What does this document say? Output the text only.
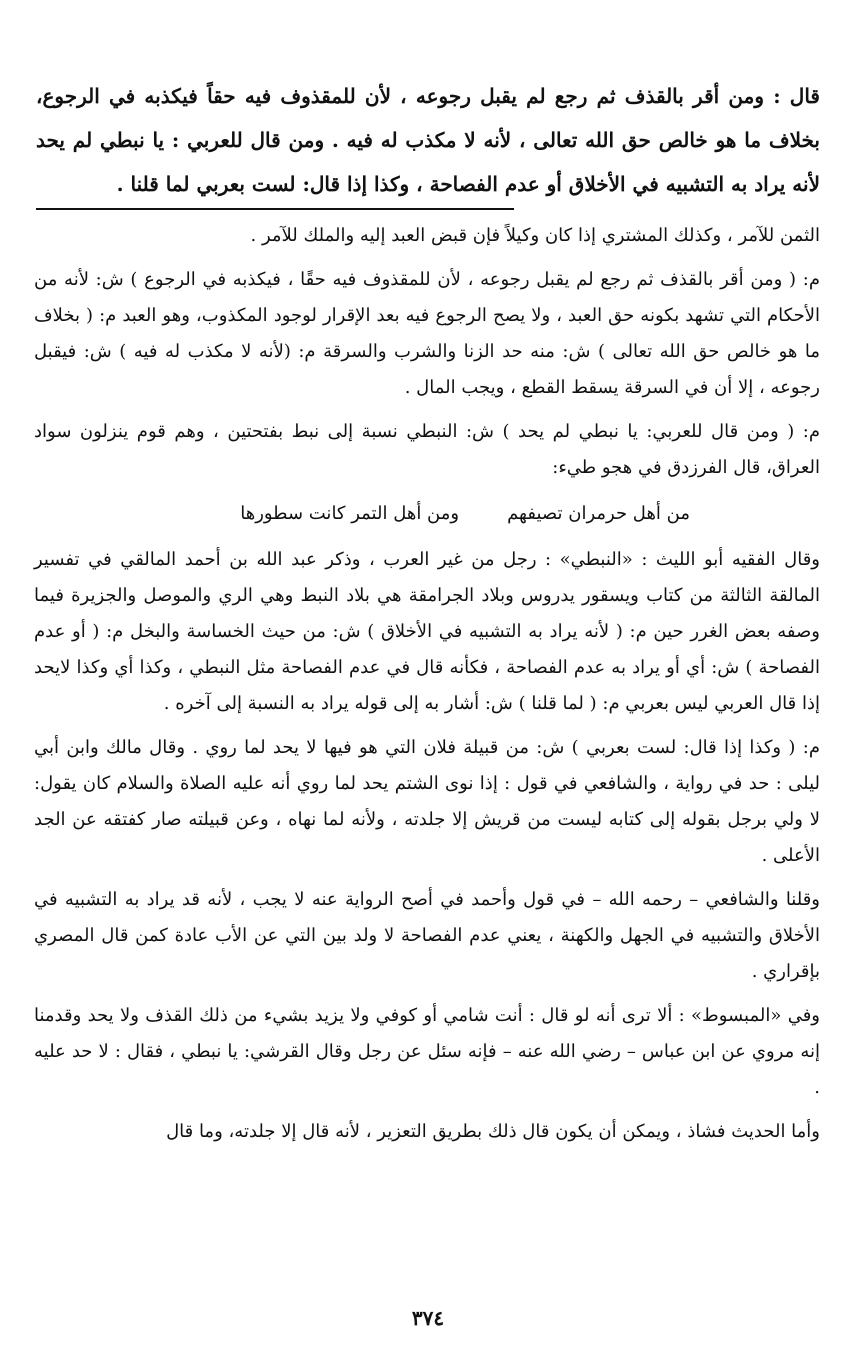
قال : ومن أقر بالقذف ثم رجع لم يقبل رجوعه ، لأن للمقذوف فيه حقاً فيكذبه في الرجوع، بخلاف ما هو خالص حق الله تعالى ، لأنه لا مكذب له فيه . ومن قال للعربي : يا نبطي لم يحد لأنه يراد به التشبيه في الأخلاق أو عدم الفصاحة ، وكذا إذا قال: لست بعربي لما قلنا .

الثمن للآمر ، وكذلك المشتري إذا كان وكيلاً فإن قبض العبد إليه والملك للآمر .

م: ( ومن أقر بالقذف ثم رجع لم يقبل رجوعه ، لأن للمقذوف فيه حقًا ، فيكذبه في الرجوع ) ش: لأنه من الأحكام التي تشهد بكونه حق العبد ، ولا يصح الرجوع فيه بعد الإقرار لوجود المكذوب، وهو العبد م: ( بخلاف ما هو خالص حق الله تعالى ) ش: منه حد الزنا والشرب والسرقة م: (لأنه لا مكذب له فيه ) ش: فيقبل رجوعه ، إلا أن في السرقة يسقط القطع ، ويجب المال .

م: ( ومن قال للعربي: يا نبطي لم يحد ) ش: النبطي نسبة إلى نبط بفتحتين ، وهم قوم ينزلون سواد العراق، قال الفرزدق في هجو طيء:

من أهل حرمران تصيفهم
ومن أهل التمر كانت سطورها

وقال الفقيه أبو الليث : «النبطي» : رجل من غير العرب ، وذكر عبد الله بن أحمد المالقي في تفسير المالقة الثالثة من كتاب ويسقور يدروس وبلاد الجرامقة هي بلاد النبط وهي الري والموصل والجزيرة فيما وصفه بعض الغرر حين م: ( لأنه يراد به التشبيه في الأخلاق ) ش: من حيث الخساسة والبخل م: ( أو عدم الفصاحة ) ش: أي أو يراد به عدم الفصاحة ، فكأنه قال في عدم الفصاحة مثل النبطي ، وكذا أي وكذا لايحد إذا قال العربي ليس بعربي م: ( لما قلنا ) ش: أشار به إلى قوله يراد به النسبة إلى آخره .

م: ( وكذا إذا قال: لست بعربي ) ش: من قبيلة فلان التي هو فيها لا يحد لما روي . وقال مالك وابن أبي ليلى : حد في رواية ، والشافعي في قول : إذا نوى الشتم يحد لما روي أنه عليه الصلاة والسلام كان يقول: لا ولي برجل بقوله إلى كتابه ليست من قريش إلا جلدته ، ولأنه لما نهاه ، وعن قبيلته صار كفتقه عن الجد الأعلى .

وقلنا والشافعي – رحمه الله – في قول وأحمد في أصح الرواية عنه لا يجب ، لأنه قد يراد به التشبيه في الأخلاق والتشبيه في الجهل والكهنة ، يعني عدم الفصاحة لا ولد بين التي عن الأب عادة كمن قال المصري بإقراري .

وفي «المبسوط» : ألا ترى أنه لو قال : أنت شامي أو كوفي ولا يزيد بشيء من ذلك القذف ولا يحد وقدمنا إنه مروي عن ابن عباس – رضي الله عنه – فإنه سئل عن رجل وقال القرشي: يا نبطي ، فقال : لا حد عليه .

وأما الحديث فشاذ ، ويمكن أن يكون قال ذلك بطريق التعزير ، لأنه قال إلا جلدته، وما قال

٣٧٤
